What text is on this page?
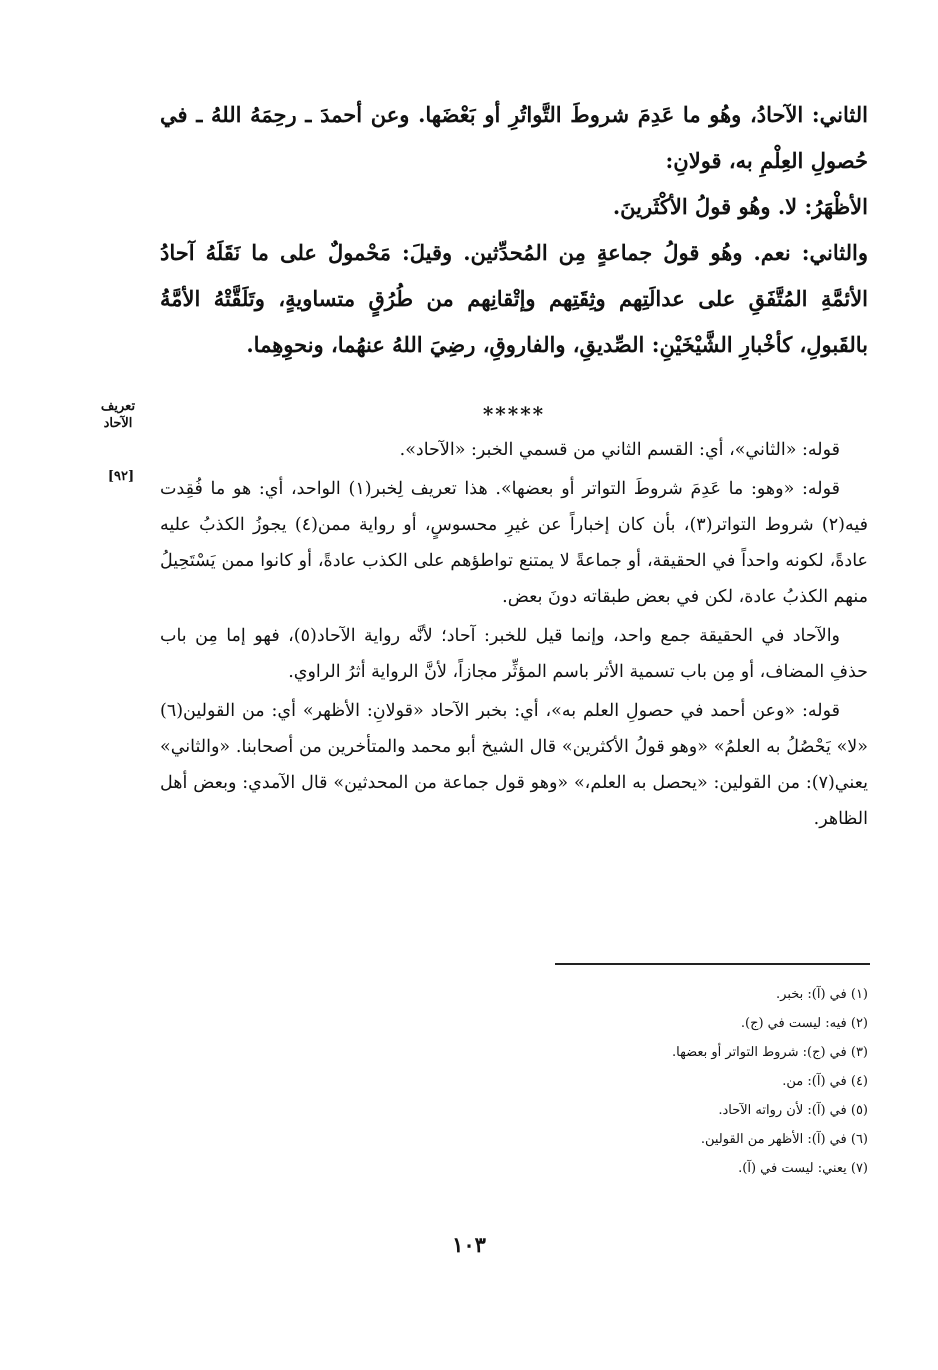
الثاني: الآحادُ، وهُو ما عَدِمَ شروطَ التَّواتُرِ أو بَعْضَها. وعن أحمدَ ـ رحِمَهُ اللهُ ـ في حُصولِ العِلْمِ به، قولانِ:

الأظْهَرُ: لا. وهُو قولُ الأكْثَرينَ.

والثاني: نعم. وهُو قولُ جماعةٍ مِن المُحدِّثين. وقيلَ: مَحْمولٌ على ما نَقَلَهُ آحادُ الأئمَّةِ المُتَّفَقِ على عدالَتِهم وثِقَتِهم وإتْقانِهم من طُرُقٍ متساويةٍ، وتَلَقَّتْهُ الأمَّةُ بالقَبولِ، كأخْبارِ الشَّيْخَيْنِ: الصِّديقِ، والفاروقِ، رضِيَ اللهُ عنهُما، ونحوِهِما.

تعريف الآحاد	*****
[٩٢]

قوله: «الثاني»، أي: القسم الثاني من قسمي الخبر: «الآحاد».

قوله: «وهو: ما عَدِمَ شروطَ التواتر أو بعضها». هذا تعريف لِخبر(١) الواحد، أي: هو ما فُقِدت فيه(٢) شروط التواتر(٣)، بأن كان إخباراً عن غيرِ محسوسٍ، أو رواية ممن(٤) يجوزُ الكذبُ عليه عادةً، لكونه واحداً في الحقيقة، أو جماعةً لا يمتنع تواطؤهم على الكذب عادةً، أو كانوا ممن يَسْتَحِيلُ منهم الكذبُ عادة، لكن في بعض طبقاته دونَ بعض.

والآحاد في الحقيقة جمع واحد، وإنما قيل للخبر: آحاد؛ لأنَّه رواية الآحاد(٥)، فهو إما مِن باب حذفِ المضاف، أو مِن باب تسمية الأثر باسم المؤثِّر مجازاً، لأنَّ الرواية أثرُ الراوي.

قوله: «وعن أحمد في حصولِ العلم به»، أي: بخبر الآحاد «قولانِ: الأظهر» أي: من القولين(٦) «لا» يَحْصُلُ به العلمُ» «وهو قولُ الأكثرين» قال الشيخ أبو محمد والمتأخرين من أصحابنا. «والثاني» يعني(٧): من القولين: «يحصل به العلم،» «وهو قول جماعة من المحدثين» قال الآمدي: وبعض أهل الظاهر.

(١) في (آ): بخبر.
(٢) فيه: ليست في (ج).
(٣) في (ج): شروط التواتر أو بعضها.
(٤) في (آ): من.
(٥) في (آ): لأن رواته الآحاد.
(٦) في (آ): الأظهر من القولين.
(٧) يعني: ليست في (آ).
١٠٣
